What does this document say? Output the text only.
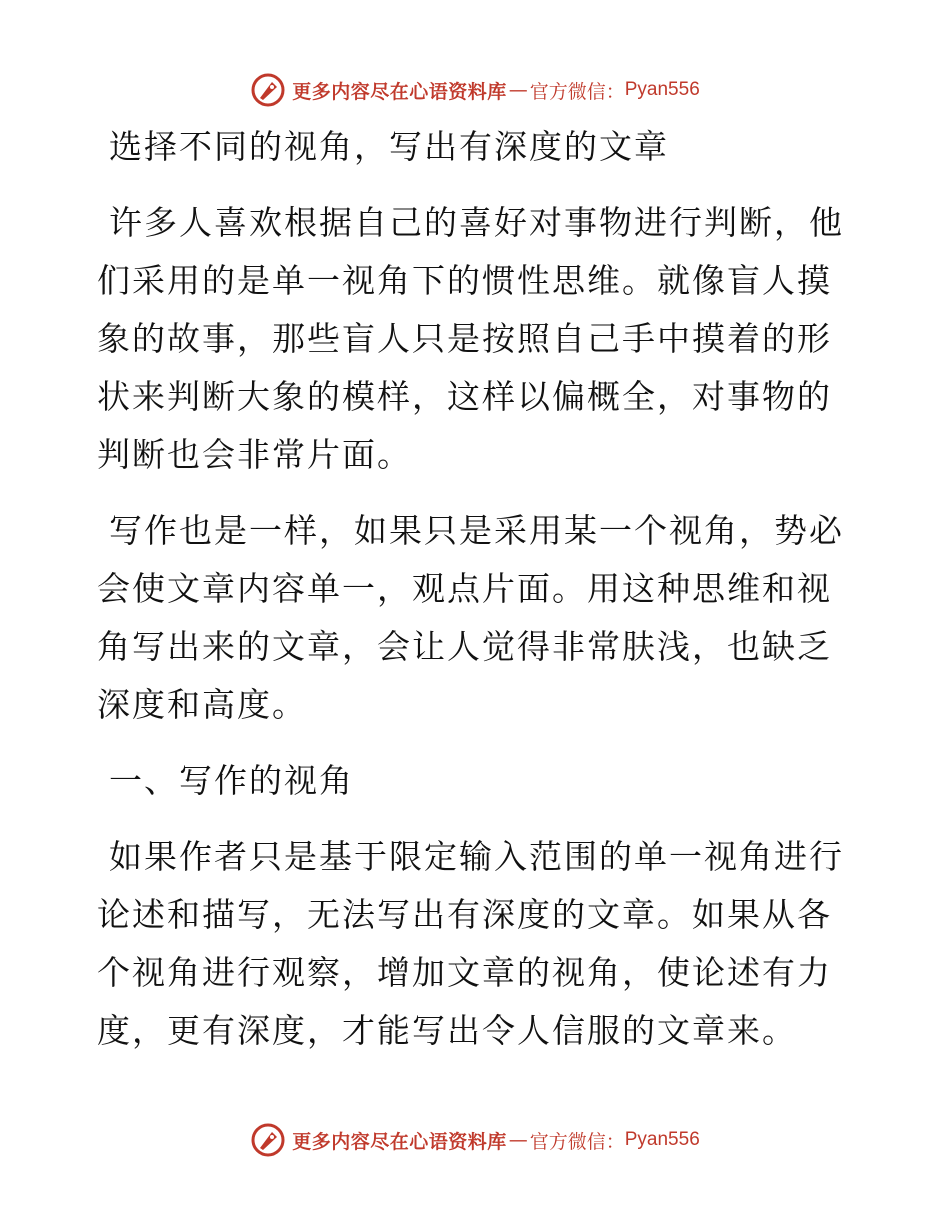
更多内容尽在心语资料库 — 官方微信： Pyan556

选择不同的视角，写出有深度的文章

许多人喜欢根据自己的喜好对事物进行判断，他们采用的是单一视角下的惯性思维。就像盲人摸象的故事，那些盲人只是按照自己手中摸着的形状来判断大象的模样，这样以偏概全，对事物的判断也会非常片面。

写作也是一样，如果只是采用某一个视角，势必会使文章内容单一，观点片面。用这种思维和视角写出来的文章，会让人觉得非常肤浅，也缺乏深度和高度。

一、写作的视角

如果作者只是基于限定输入范围的单一视角进行论述和描写，无法写出有深度的文章。如果从各个视角进行观察，增加文章的视角，使论述有力度，更有深度，才能写出令人信服的文章来。

更多内容尽在心语资料库 — 官方微信： Pyan556
